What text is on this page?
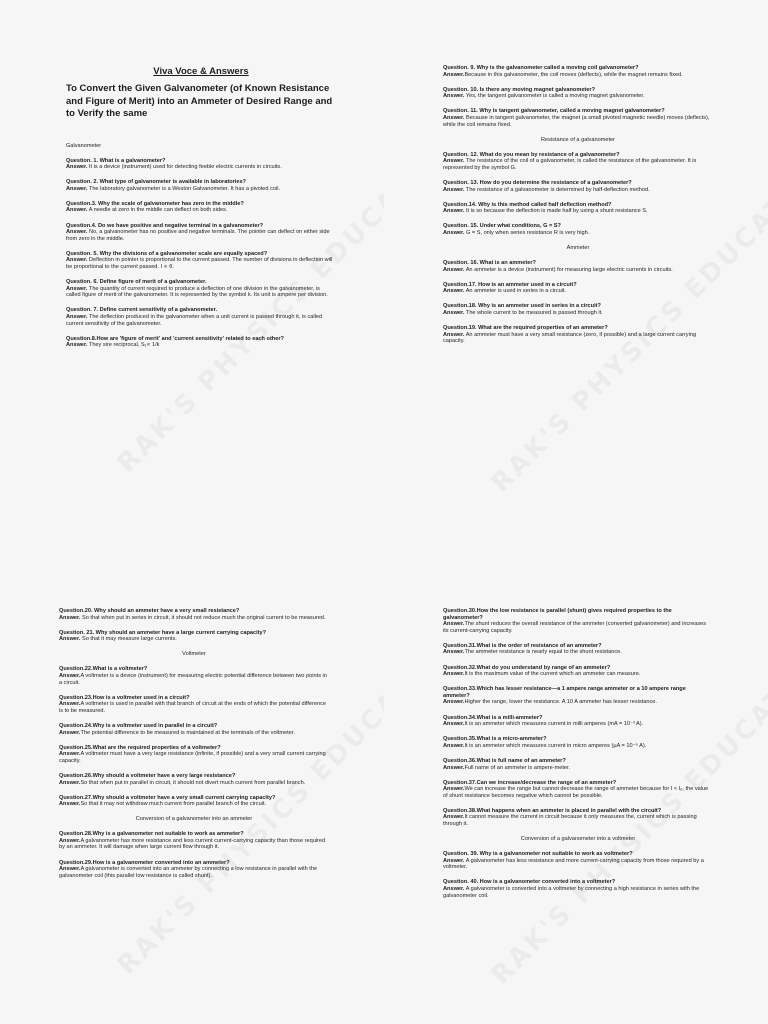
Viva Voce & Answers
To Convert the Given Galvanometer (of Known Resistance and Figure of Merit) into an Ammeter of Desired Range and to Verify the same
Galvanometer
Question. 1. What is a galvanometer?
Answer. It is a device (instrument) used for detecting feeble electric currents in circuits.
Question. 2. What type of galvanometer is available in laboratories?
Answer. The laboratory galvanometer is a Weston Galvanometer. It has a pivoted coil.
Question.3. Why the scale of galvanometer has zero in the middle?
Answer. A needle at zero in the middle can deflect on both sides.
Question.4. Do we have positive and negative terminal in a galvanometer?
Answer. No, a galvanometer has no positive and negative terminals. The pointer can deflect on either side from zero in the middle.
Question. 5. Why the divisions of a galvanometer scale are equally spaced?
Answer. Deflection in pointer is proportional to the current passed. The number of divisions in deflection will be proportional to the current passed. I ∝ θ.
Question. 6. Define figure of merit of a galvanometer.
Answer. The quantity of current required to produce a deflection of one division in the galvanometer, is called figure of merit of the galvanometer. It is represented by the symbol k. Its unit is ampere per division.
Question. 7. Define current sensitivity of a galvanometer.
Answer. The deflection produced in the galvanometer when a unit current is passed through it, is called current sensitivity of the galvanometer.
Question.8.How are 'figure of merit' and 'current sensitivity' related to each other?
Answer. They sire reciprocal, S₁∝ 1/k
Question. 9. Why is the galvanometer called a moving coil galvanometer?
Answer.Because in this galvanometer, the coil moves (deflects), while the magnet remains fixed.
Question. 10. Is there any moving magnet galvanometer?
Answer. Yes, the tangent galvanometer is called a moving magnet galvanometer.
Question. 11. Why is tangent galvanometer, called a moving magnet galvanometer?
Answer. Because in tangent galvanometer, the magnet (a small pivoted magnetic needle) moves (deflects), while the coil remains fixed.
Resistance of a galvanometer
Question. 12. What do you mean by resistance of a galvanometer?
Answer. The resistance of the coil of a galvanometer, is called the resistance of the galvanometer. It is represented by the symbol G.
Question. 13. How do you determine the resistance of a galvanometer?
Answer. The resistance of a galvanometer is determined by half-deflection method.
Question.14. Why is this method called half deflection method?
Answer. It is so because the deflection is made half by using a shunt resistance S.
Question. 15. Under what conditions, G = S?
Answer. G = S, only when series resistance R is very high.
Ammeter
Question. 16. What is an ammeter?
Answer. An ammeter is a device (instrument) for measuring large electric currents in circuits.
Question.17. How is an ammeter used in a circuit?
Answer. An ammeter is used in series in a circuit.
Question.18. Why is an ammeter used in series in a circuit?
Answer. The whole current to be measured is passed through it.
Question.19. What are the required properties of an ammeter?
Answer. An ammeter must have a very small resistance (zero, if possible) and a large current carrying capacity.
Question.20. Why should an ammeter have a very small resistance?
Answer. So that when put in series in circuit, it should not reduce much the original current to be measured.
Question. 21. Why should an ammeter have a large current carrying capacity?
Answer. So that it may measure large currents.
Voltmeter
Question.22.What is a voltmeter?
Answer.A voltmeter is a device (instrument) for measuring electric potential difference between two points in a circuit.
Question.23.How is a voltmeter used in a circuit?
Answer.A voltmeter is used in parallel with that branch of circuit at the ends of which the potential difference is to be measured.
Question.24.Why is a voltmeter used in parallel in a circuit?
Answer.The potential difference to be measured is maintained at the terminals of the voltmeter.
Question.25.What are the required properties of a voltmeter?
Answer.A voltmeter must have a very large resistance (infinite, if possible) and a very small current carrying capacity.
Question.26.Why should a voltmeter have a very large resistance?
Answer.So that when put in parallel in circuit, it should not divert much current from parallel branch.
Question.27.Why should a voltmeter have a very small current carrying capacity?
Answer.So that it may not withdraw much current from parallel branch of the circuit.
Conversion of a galvanometer into an ammeter
Question.28.Why is a galvanometer not suitable to work as ammeter?
Answer.A galvanometer has more resistance and less current current-carrying capacity than those required by an ammeter. It will damage when large current flow through it.
Question.29.How is a galvanometer converted into an ammeter?
Answer.A galvanometer is converted into an ammeter by connecting a low resistance in parallel with the galvanometer coil (this parallel low resistance is called shunt).
Question.30.How the low resistance is parallel (shunt) gives required properties to the galvanometer?
Answer.The shunt reduces the overall resistance of the ammeter (converted galvanometer) and increases its current-carrying capacity.
Question.31.What is the order of resistance of an ammeter?
Answer.The ammeter resistance is nearly equal to the shunt resistance.
Question.32.What do you understand by range of an ammeter?
Answer.It is the maximum value of the current which an ammeter can measure.
Question.33.Which has lesser resistance—a 1 ampere range ammeter or a 10 ampere range ammeter?
Answer.Higher the range, lower the resistance. A 10 A ammeter has lesser resistance.
Question.34.What is a milli-ammeter?
Answer.It is an ammeter which measures current in milli amperes (mA = 10⁻³ A).
Question.35.What is a micro-ammeter?
Answer.It is an ammeter which measures current in micro amperes (μA = 10⁻⁶ A).
Question.36.What is full name of an ammeter?
Answer.Full name of an ammeter is ampere-meter.
Question.37.Can we increase/decrease the range of an ammeter?
Answer.We can increase the range but cannot decrease the range of ammeter because for I < Iₒ, the value of shunt resistance becomes negative which cannot be possible.
Question.38.What happens when an ammeter is placed in parallel with the circuit?
Answer.It cannot measure the current in circuit because it only measures the, current which is passing through it.
Conversion of a galvanometer into a voltmeter
Question. 39. Why is a galvanometer not suitable to work as voltmeter?
Answer. A galvanometer has less resistance and more current-carrying capacity from those required by a voltmeter.
Question. 40. How is a galvanometer converted into a voltmeter?
Answer. A galvanometer is converted into a voltmeter by connecting a high resistance in series with the galvanometer coil.
